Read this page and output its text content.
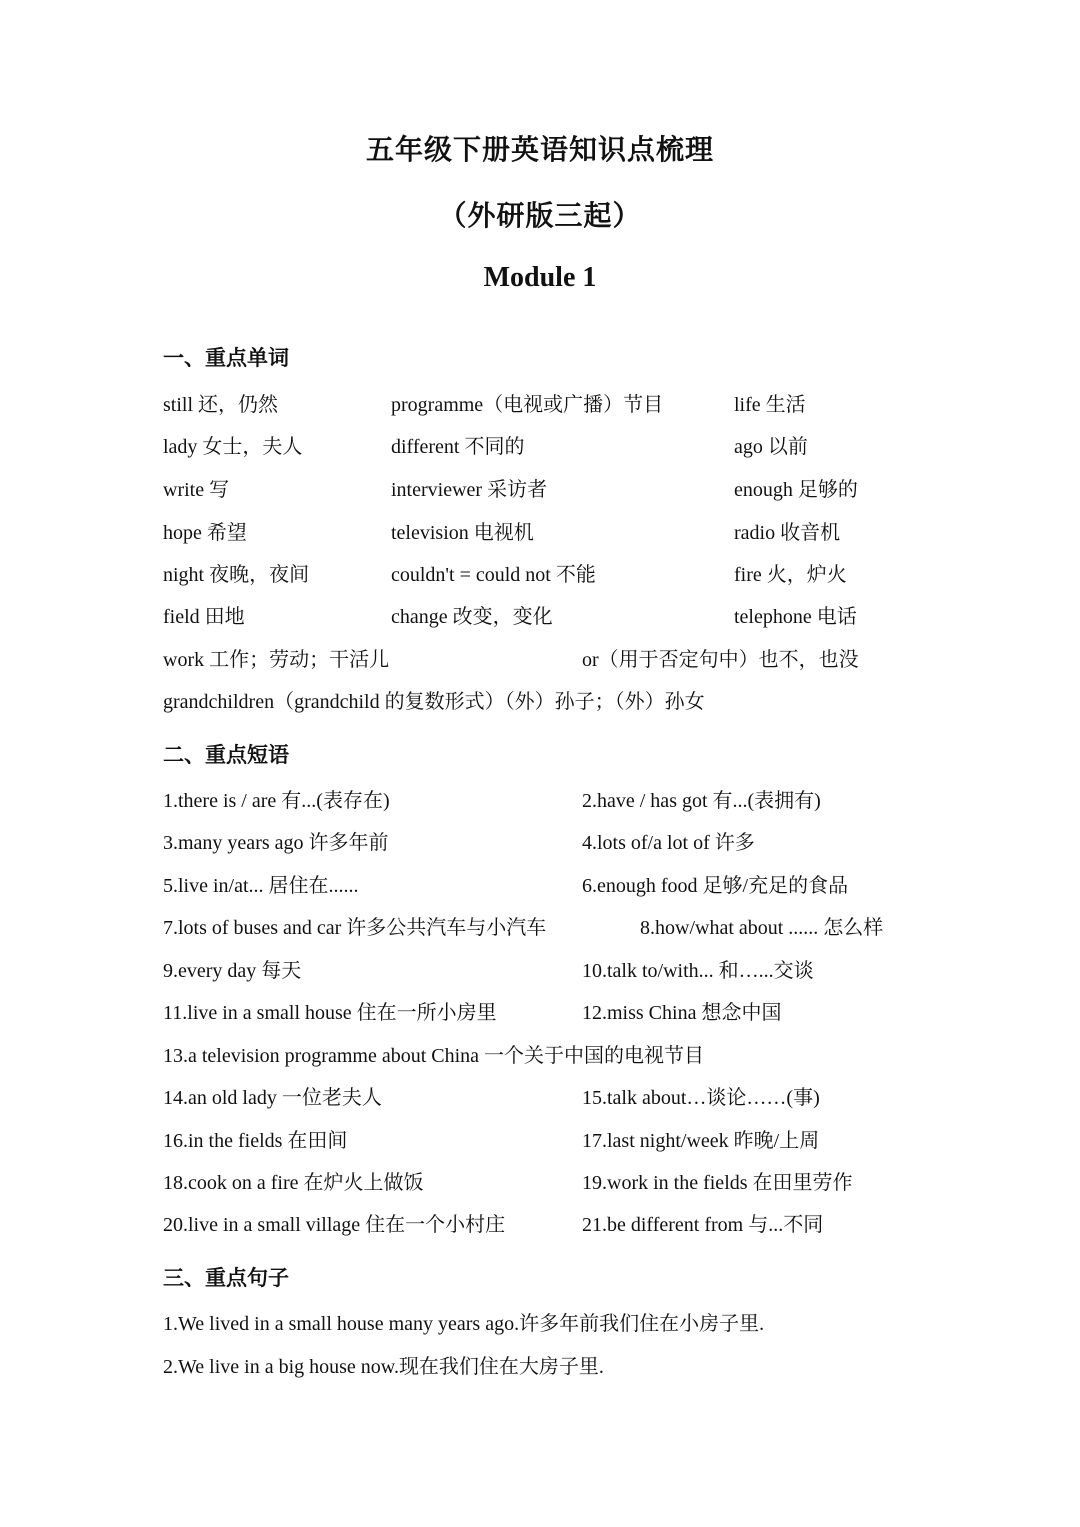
五年级下册英语知识点梳理
（外研版三起）
Module 1
一、重点单词
still 还，仍然	programme（电视或广播）节目	life 生活
lady 女士，夫人	different 不同的	ago 以前
write 写	interviewer 采访者	enough 足够的
hope 希望	television 电视机	radio 收音机
night 夜晚，夜间	couldn't = could not 不能	fire 火，炉火
field 田地	change 改变，变化	telephone 电话
work 工作；劳动；干活儿	or（用于否定句中）也不，也没
grandchildren（grandchild 的复数形式）（外）孙子；（外）孙女
二、重点短语
1.there is / are 有...(表存在)	2.have / has got 有...(表拥有)
3.many years ago 许多年前	4.lots of/a lot of 许多
5.live in/at... 居住在......	6.enough food 足够/充足的食品
7.lots of buses and car 许多公共汽车与小汽车	8.how/what about ...... 怎么样
9.every day 每天	10.talk to/with... 和…...交谈
11.live in a small house 住在一所小房里	12.miss China 想念中国
13.a television programme about China 一个关于中国的电视节目
14.an old lady 一位老夫人	15.talk about…谈论……(事)
16.in the fields 在田间	17.last night/week 昨晚/上周
18.cook on a fire 在炉火上做饭	19.work in the fields 在田里劳作
20.live in a small village 住在一个小村庄	21.be different from 与...不同
三、重点句子
1.We lived in a small house many years ago.许多年前我们住在小房子里.
2.We live in a big house now.现在我们住在大房子里.
